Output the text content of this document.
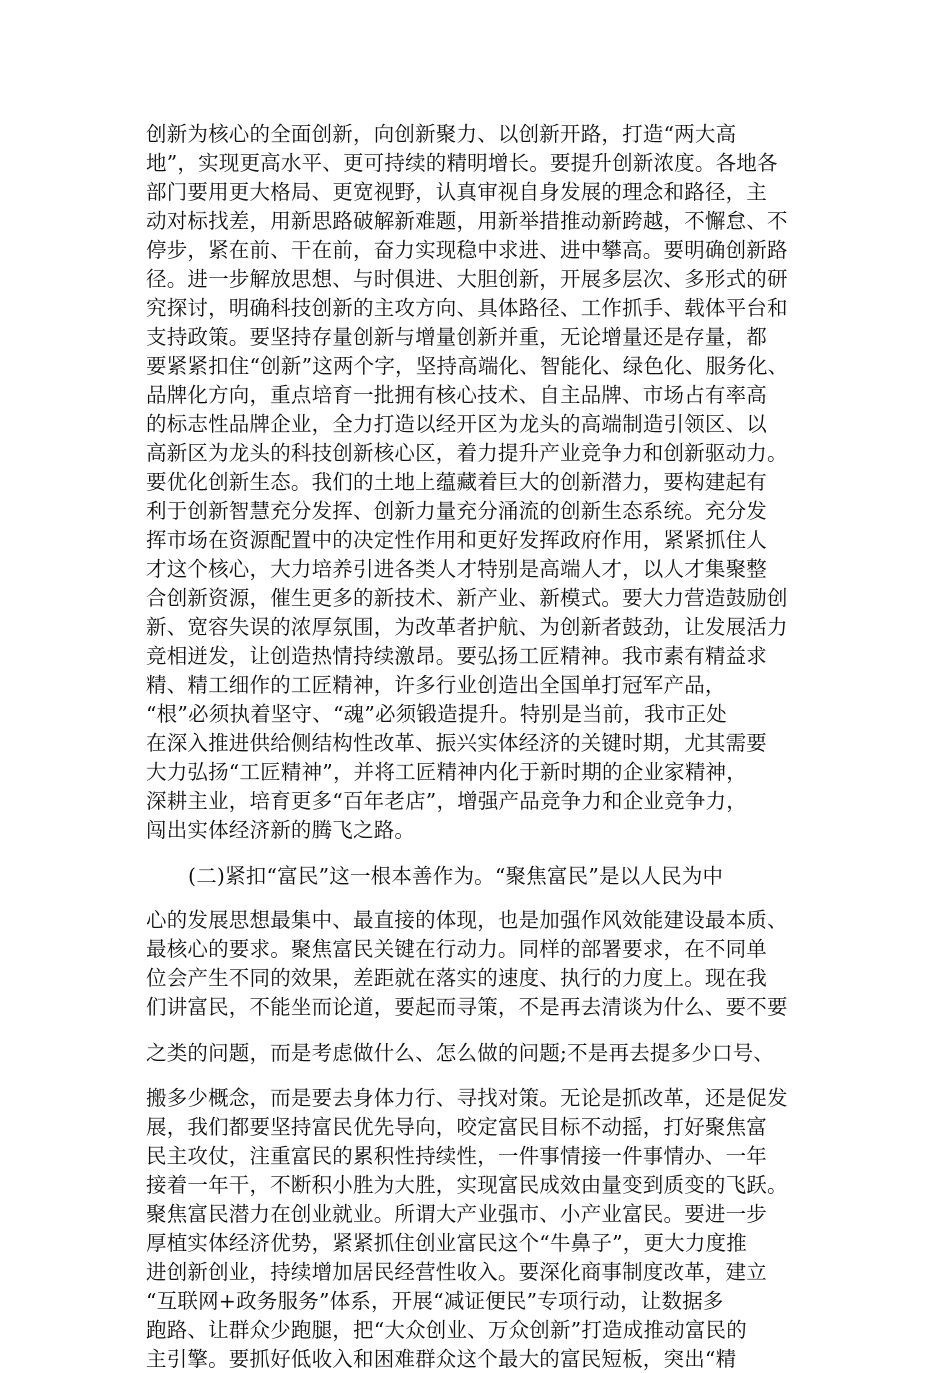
创新为核心的全面创新，向创新聚力、以创新开路，打造“两大高

地”，实现更高水平、更可持续的精明增长。要提升创新浓度。各地各

部门要用更大格局、更宽视野，认真审视自身发展的理念和路径，主

动对标找差，用新思路破解新难题，用新举措推动新跨越，不懈怠、不

停步，紧在前、干在前，奋力实现稳中求进、进中攀高。要明确创新路

径。进一步解放思想、与时俱进、大胆创新，开展多层次、多形式的研

究探讨，明确科技创新的主攻方向、具体路径、工作抓手、载体平台和

支持政策。要坚持存量创新与增量创新并重，无论增量还是存量，都

要紧紧扣住“创新”这两个字，坚持高端化、智能化、绿色化、服务化、

品牌化方向，重点培育一批拥有核心技术、自主品牌、市场占有率高

的标志性品牌企业，全力打造以经开区为龙头的高端制造引领区、以

高新区为龙头的科技创新核心区，着力提升产业竞争力和创新驱动力。

要优化创新生态。我们的土地上蕴藏着巨大的创新潜力，要构建起有

利于创新智慧充分发挥、创新力量充分涌流的创新生态系统。充分发

挥市场在资源配置中的决定性作用和更好发挥政府作用，紧紧抓住人

才这个核心，大力培养引进各类人才特别是高端人才，以人才集聚整

合创新资源，催生更多的新技术、新产业、新模式。要大力营造鼓励创

新、宽容失误的浓厚氛围，为改革者护航、为创新者鼓劲，让发展活力

竞相迸发，让创造热情持续激昂。要弘扬工匠精神。我市素有精益求

精、精工细作的工匠精神，许多行业创造出全国单打冠军产品，

“根”必须执着坚守、“魂”必须锻造提升。特别是当前，我市正处

在深入推进供给侧结构性改革、振兴实体经济的关键时期，尤其需要

大力弘扬“工匠精神”，并将工匠精神内化于新时期的企业家精神，

深耕主业，培育更多“百年老店”，增强产品竞争力和企业竞争力，

闯出实体经济新的腾飞之路。

(二)紧扣“富民”这一根本善作为。“聚焦富民”是以人民为中

心的发展思想最集中、最直接的体现，也是加强作风效能建设最本质、

最核心的要求。聚焦富民关键在行动力。同样的部署要求，在不同单

位会产生不同的效果，差距就在落实的速度、执行的力度上。现在我

们讲富民，不能坐而论道，要起而寻策，不是再去清谈为什么、要不要

之类的问题，而是考虑做什么、怎么做的问题;不是再去提多少口号、

搬多少概念，而是要去身体力行、寻找对策。无论是抓改革，还是促发

展，我们都要坚持富民优先导向，咬定富民目标不动摇，打好聚焦富

民主攻仗，注重富民的累积性持续性，一件事情接一件事情办、一年

接着一年干，不断积小胜为大胜，实现富民成效由量变到质变的飞跃。

聚焦富民潜力在创业就业。所谓大产业强市、小产业富民。要进一步

厚植实体经济优势，紧紧抓住创业富民这个“牛鼻子”，更大力度推

进创新创业，持续增加居民经营性收入。要深化商事制度改革，建立

“互联网+政务服务”体系，开展“减证便民”专项行动，让数据多

跑路、让群众少跑腿，把“大众创业、万众创新”打造成推动富民的

主引擎。要抓好低收入和困难群众这个最大的富民短板，突出“精
